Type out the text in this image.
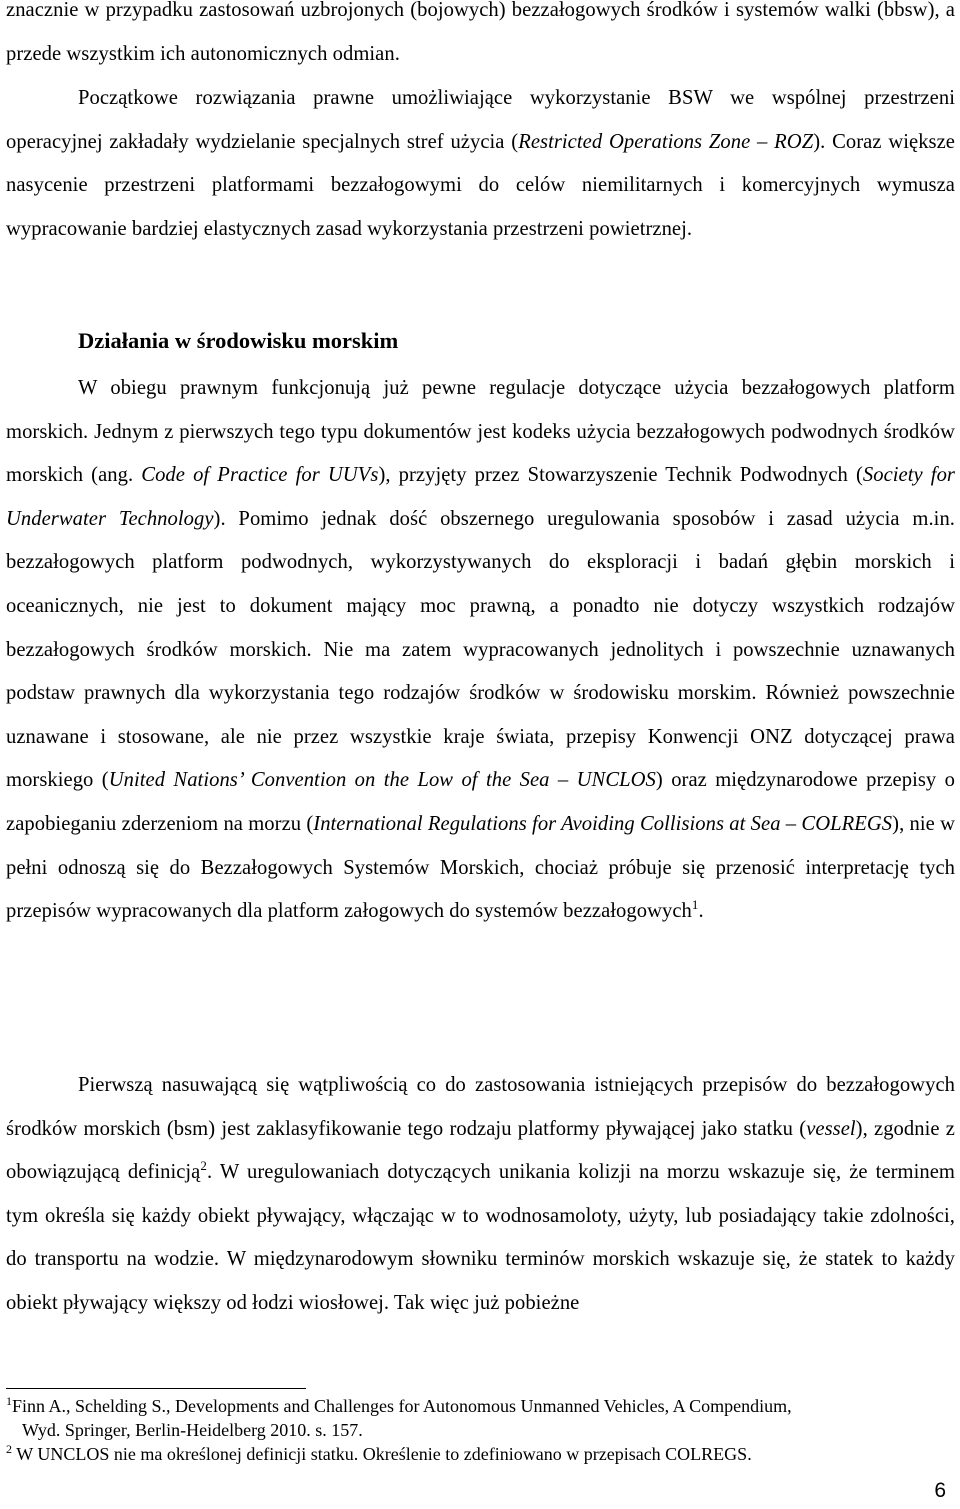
znacznie w przypadku zastosowań uzbrojonych (bojowych) bezzałogowych środków i systemów walki (bbsw), a przede wszystkim ich autonomicznych odmian.

Początkowe rozwiązania prawne umożliwiające wykorzystanie BSW we wspólnej przestrzeni operacyjnej zakładały wydzielanie specjalnych stref użycia (Restricted Operations Zone – ROZ). Coraz większe nasycenie przestrzeni platformami bezzałogowymi do celów niemilitarnych i komercyjnych wymusza wypracowanie bardziej elastycznych zasad wykorzystania przestrzeni powietrznej.

Działania w środowisku morskim

W obiegu prawnym funkcjonują już pewne regulacje dotyczące użycia bezzałogowych platform morskich. Jednym z pierwszych tego typu dokumentów jest kodeks użycia bezzałogowych podwodnych środków morskich (ang. Code of Practice for UUVs), przyjęty przez Stowarzyszenie Technik Podwodnych (Society for Underwater Technology). Pomimo jednak dość obszernego uregulowania sposobów i zasad użycia m.in. bezzałogowych platform podwodnych, wykorzystywanych do eksploracji i badań głębin morskich i oceanicznych, nie jest to dokument mający moc prawną, a ponadto nie dotyczy wszystkich rodzajów bezzałogowych środków morskich. Nie ma zatem wypracowanych jednolitych i powszechnie uznawanych podstaw prawnych dla wykorzystania tego rodzajów środków w środowisku morskim. Również powszechnie uznawane i stosowane, ale nie przez wszystkie kraje świata, przepisy Konwencji ONZ dotyczącej prawa morskiego (United Nations’ Convention on the Low of the Sea – UNCLOS) oraz międzynarodowe przepisy o zapobieganiu zderzeniom na morzu (International Regulations for Avoiding Collisions at Sea – COLREGS), nie w pełni odnoszą się do Bezzałogowych Systemów Morskich, chociaż próbuje się przenosić interpretację tych przepisów wypracowanych dla platform załogowych do systemów bezzałogowych$^1$.

Pierwszą nasuwającą się wątpliwością co do zastosowania istniejących przepisów do bezzałogowych środków morskich (bsm) jest zaklasyfikowanie tego rodzaju platformy pływającej jako statku (vessel), zgodnie z obowiązującą definicją$^2$. W uregulowaniach dotyczących unikania kolizji na morzu wskazuje się, że terminem tym określa się każdy obiekt pływający, włączając w to wodnosamoloty, użyty, lub posiadający takie zdolności, do transportu na wodzie. W międzynarodowym słowniku terminów morskich wskazuje się, że statek to każdy obiekt pływający większy od łodzi wiosłowej. Tak więc już pobieżne

$^1$Finn A., Schelding S., Developments and Challenges for Autonomous Unmanned Vehicles, A Compendium,
Wyd. Springer, Berlin-Heidelberg 2010. s. 157.

$^2$ W UNCLOS nie ma określonej definicji statku. Określenie to zdefiniowano w przepisach COLREGS.

6
